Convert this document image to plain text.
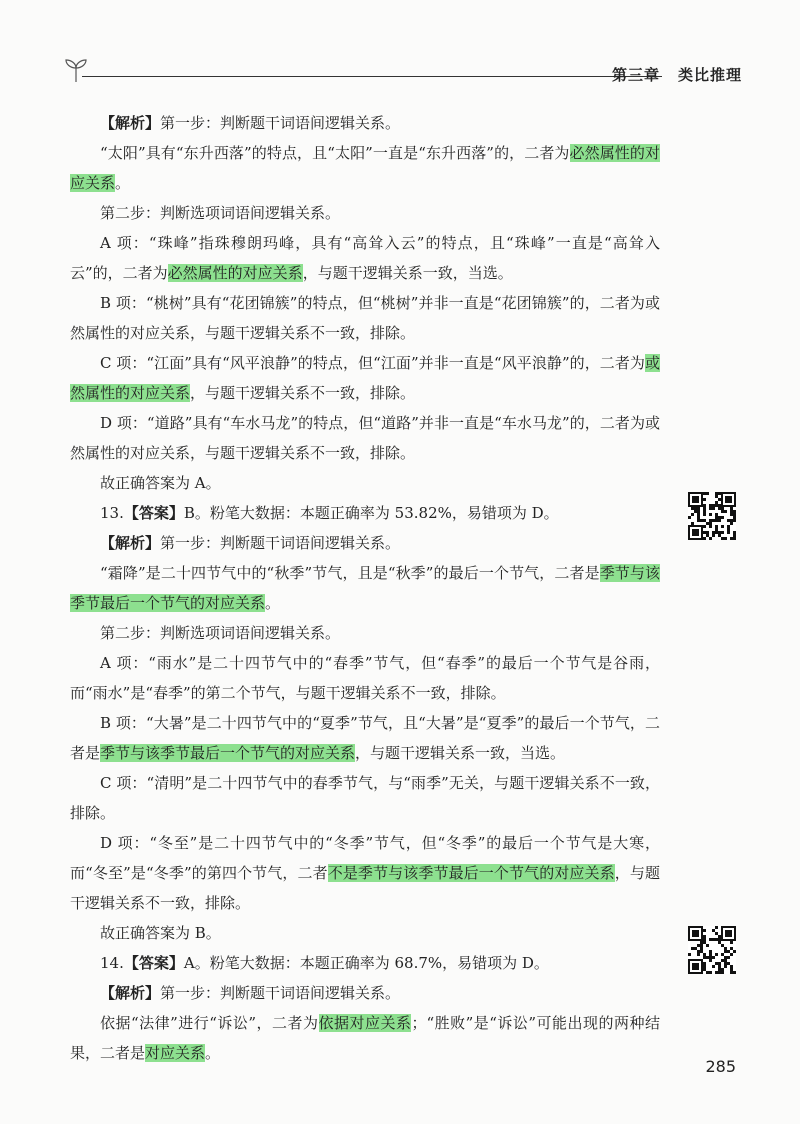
第三章 类比推理

【解析】第一步：判断题干词语间逻辑关系。

“太阳”具有“东升西落”的特点，且“太阳”一直是“东升西落”的，二者为必然属性的对应关系。

第二步：判断选项词语间逻辑关系。

A 项：“珠峰”指珠穆朗玛峰，具有“高耸入云”的特点，且“珠峰”一直是“高耸入云”的，二者为必然属性的对应关系，与题干逻辑关系一致，当选。

B 项：“桃树”具有“花团锦簇”的特点，但“桃树”并非一直是“花团锦簇”的，二者为或然属性的对应关系，与题干逻辑关系不一致，排除。

C 项：“江面”具有“风平浪静”的特点，但“江面”并非一直是“风平浪静”的，二者为或然属性的对应关系，与题干逻辑关系不一致，排除。

D 项：“道路”具有“车水马龙”的特点，但“道路”并非一直是“车水马龙”的，二者为或然属性的对应关系，与题干逻辑关系不一致，排除。

故正确答案为 A。

13.【答案】B。粉笔大数据：本题正确率为 53.82%，易错项为 D。

【解析】第一步：判断题干词语间逻辑关系。

“霜降”是二十四节气中的“秋季”节气，且是“秋季”的最后一个节气，二者是季节与该季节最后一个节气的对应关系。

第二步：判断选项词语间逻辑关系。

A 项：“雨水”是二十四节气中的“春季”节气，但“春季”的最后一个节气是谷雨，而“雨水”是“春季”的第二个节气，与题干逻辑关系不一致，排除。

B 项：“大暑”是二十四节气中的“夏季”节气，且“大暑”是“夏季”的最后一个节气，二者是季节与该季节最后一个节气的对应关系，与题干逻辑关系一致，当选。

C 项：“清明”是二十四节气中的春季节气，与“雨季”无关，与题干逻辑关系不一致，排除。

D 项：“冬至”是二十四节气中的“冬季”节气，但“冬季”的最后一个节气是大寒，而“冬至”是“冬季”的第四个节气，二者不是季节与该季节最后一个节气的对应关系，与题干逻辑关系不一致，排除。

故正确答案为 B。

14.【答案】A。粉笔大数据：本题正确率为 68.7%，易错项为 D。

【解析】第一步：判断题干词语间逻辑关系。

依据“法律”进行“诉讼”，二者为依据对应关系；“胜败”是“诉讼”可能出现的两种结果，二者是对应关系。

285
